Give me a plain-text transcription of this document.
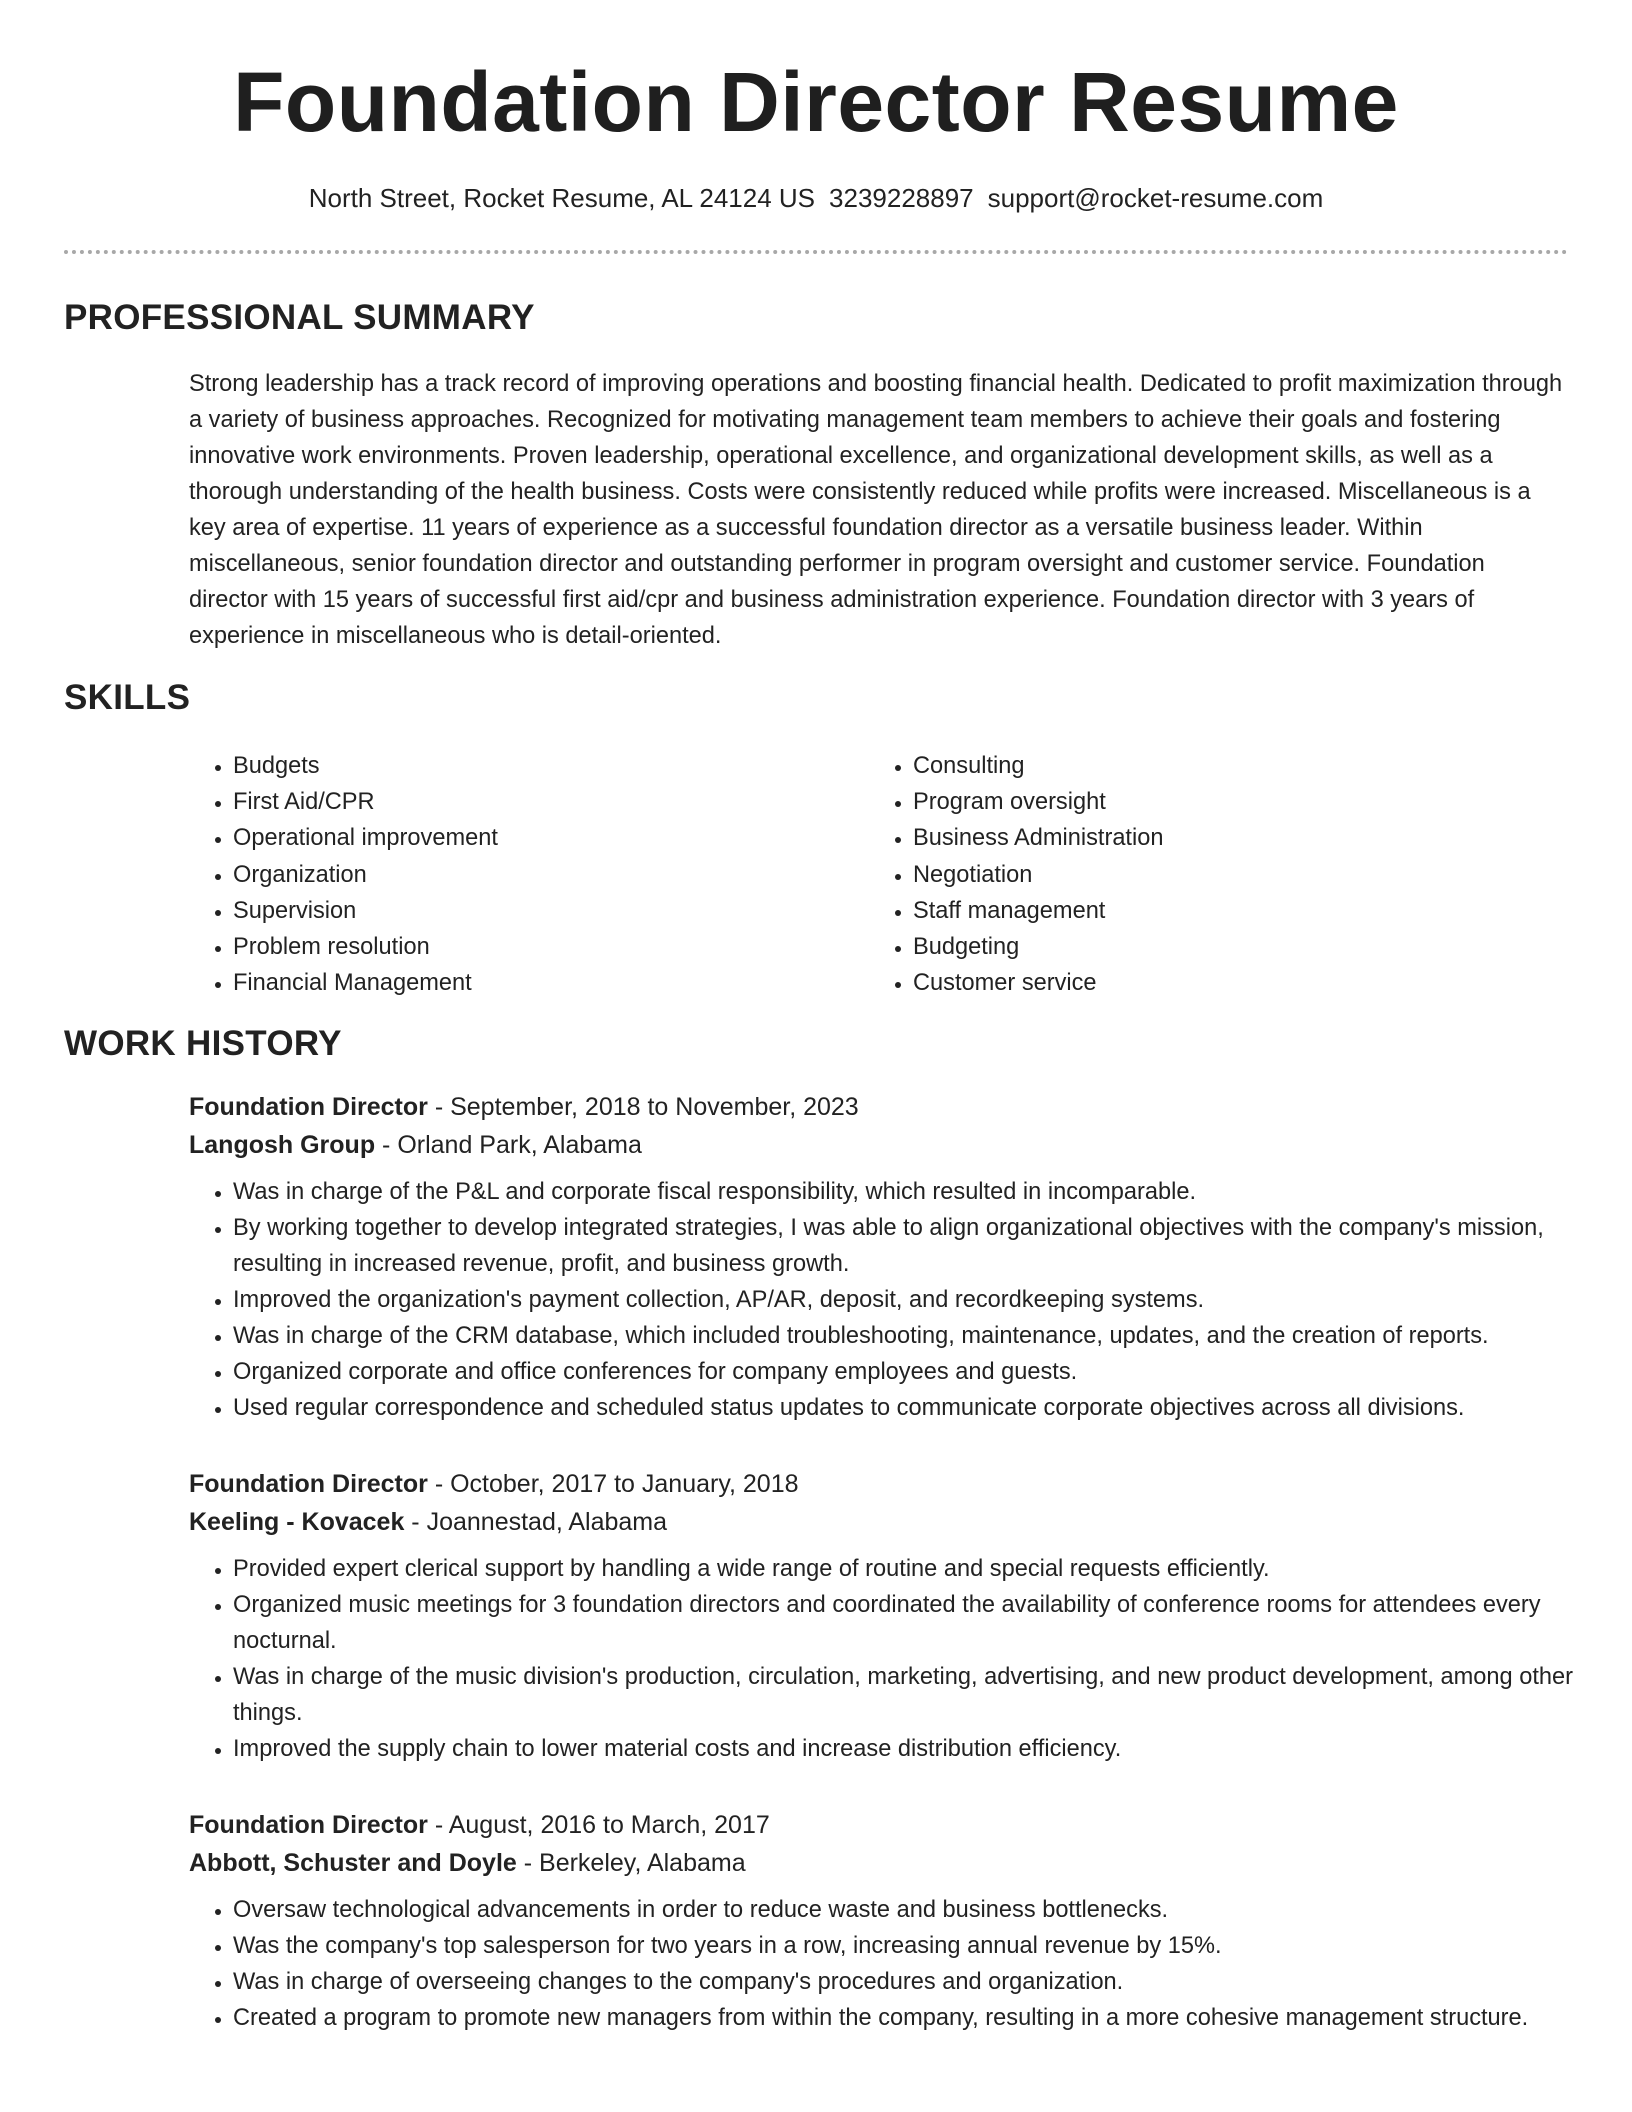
Foundation Director Resume
North Street, Rocket Resume, AL 24124 US 3239228897 support@rocket-resume.com
PROFESSIONAL SUMMARY
Strong leadership has a track record of improving operations and boosting financial health. Dedicated to profit maximization through a variety of business approaches. Recognized for motivating management team members to achieve their goals and fostering innovative work environments. Proven leadership, operational excellence, and organizational development skills, as well as a thorough understanding of the health business. Costs were consistently reduced while profits were increased. Miscellaneous is a key area of expertise. 11 years of experience as a successful foundation director as a versatile business leader. Within miscellaneous, senior foundation director and outstanding performer in program oversight and customer service. Foundation director with 15 years of successful first aid/cpr and business administration experience. Foundation director with 3 years of experience in miscellaneous who is detail-oriented.
SKILLS
• Budgets
• First Aid/CPR
• Operational improvement
• Organization
• Supervision
• Problem resolution
• Financial Management
• Consulting
• Program oversight
• Business Administration
• Negotiation
• Staff management
• Budgeting
• Customer service
WORK HISTORY
Foundation Director - September, 2018 to November, 2023
Langosh Group - Orland Park, Alabama
• Was in charge of the P&L and corporate fiscal responsibility, which resulted in incomparable.
• By working together to develop integrated strategies, I was able to align organizational objectives with the company's mission, resulting in increased revenue, profit, and business growth.
• Improved the organization's payment collection, AP/AR, deposit, and recordkeeping systems.
• Was in charge of the CRM database, which included troubleshooting, maintenance, updates, and the creation of reports.
• Organized corporate and office conferences for company employees and guests.
• Used regular correspondence and scheduled status updates to communicate corporate objectives across all divisions.
Foundation Director - October, 2017 to January, 2018
Keeling - Kovacek - Joannestad, Alabama
• Provided expert clerical support by handling a wide range of routine and special requests efficiently.
• Organized music meetings for 3 foundation directors and coordinated the availability of conference rooms for attendees every nocturnal.
• Was in charge of the music division's production, circulation, marketing, advertising, and new product development, among other things.
• Improved the supply chain to lower material costs and increase distribution efficiency.
Foundation Director - August, 2016 to March, 2017
Abbott, Schuster and Doyle - Berkeley, Alabama
• Oversaw technological advancements in order to reduce waste and business bottlenecks.
• Was the company's top salesperson for two years in a row, increasing annual revenue by 15%.
• Was in charge of overseeing changes to the company's procedures and organization.
• Created a program to promote new managers from within the company, resulting in a more cohesive management structure.
